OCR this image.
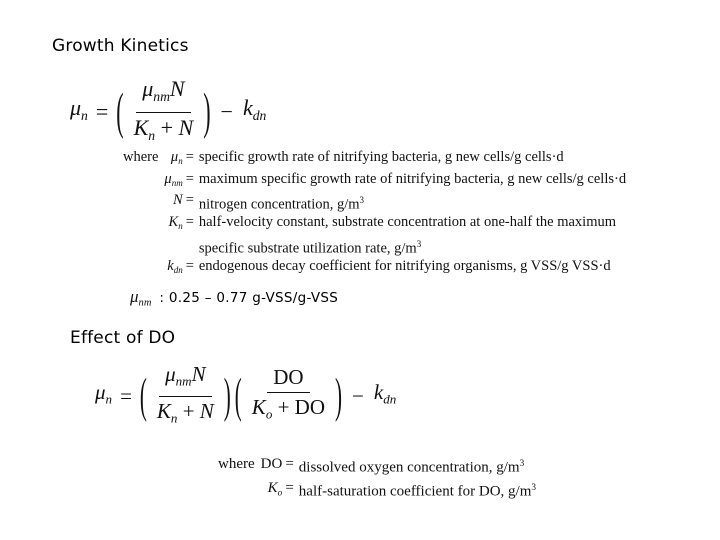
Growth Kinetics
$\mu_n$ = ( $\frac{\mu_{nm}N}{K_n + N}$ ) − $k_{dn}$
where	$\mu_n$	=	specific growth rate of nitrifying bacteria, g new cells/g cells·d
	$\mu_{nm}$	=	maximum specific growth rate of nitrifying bacteria, g new cells/g cells·d
	N	=	nitrogen concentration, $g/m^3$
	$K_n$	=	half-velocity constant, substrate concentration at one-half the maximum
			specific substrate utilization rate, $g/m^3$
	$k_{dn}$	=	endogenous decay coefficient for nitrifying organisms, g VSS/g VSS·d
$\mu_{nm}$ : 0.25 – 0.77 g-VSS/g-VSS
Effect of DO
$\mu_n$ = ( $\frac{\mu_{nm}N}{K_n + N}$ ) ( $\frac{DO}{K_o + DO}$ ) − $k_{dn}$
where	DO	=	dissolved oxygen concentration, $g/m^3$
	$K_o$	=	half-saturation coefficient for DO, $g/m^3$
